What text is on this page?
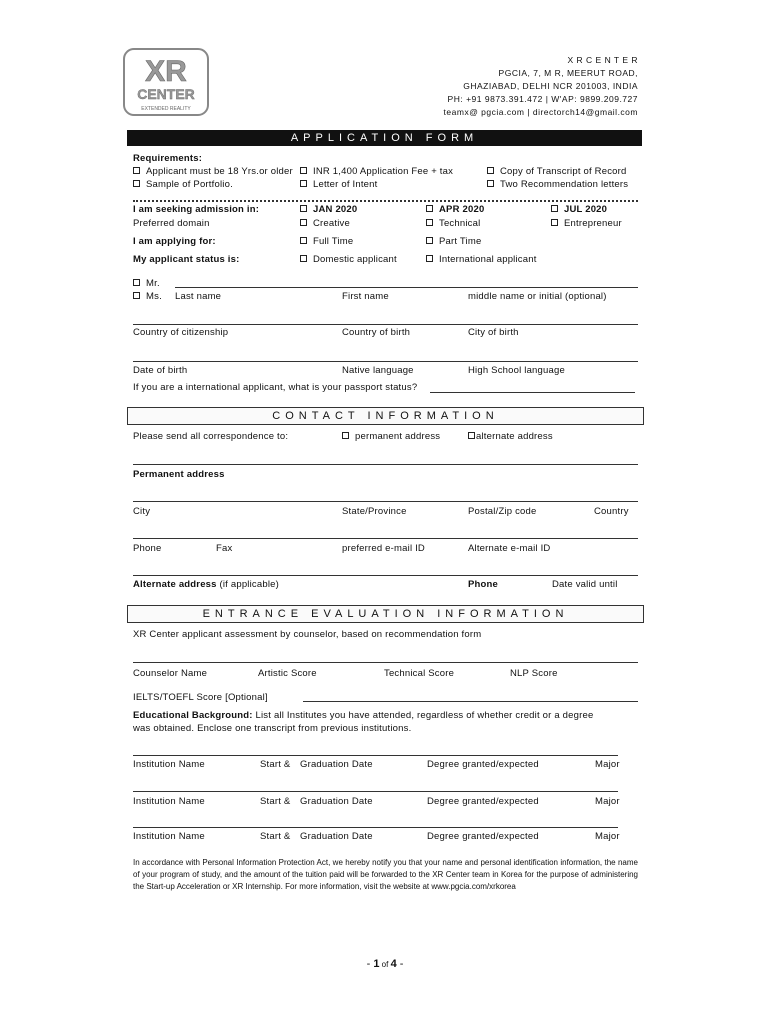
XR
CENTER
EXTENDED REALITY
X R C E N T E R
PGCIA, 7, M R, MEERUT ROAD,
GHAZIABAD, DELHI NCR 201003, INDIA
PH: +91 9873.391.472 | W'AP: 9899.209.727
teamx@ pgcia.com | directorch14@gmail.com
APPLICATION FORM
Requirements:
Applicant must be 18 Yrs.or older	INR 1,400 Application Fee + tax	Copy of Transcript of Record
Sample of Portfolio.	Letter of Intent	Two Recommendation letters
I am seeking admission in:	JAN 2020	APR 2020	JUL 2020
Preferred domain	Creative	Technical	Entrepreneur
I am applying for:	Full Time	Part Time
My applicant status is:	Domestic applicant	International applicant
Mr.
Ms. Last name	First name	middle name or initial (optional)
Country of citizenship	Country of birth	City of birth
Date of birth	Native language	High School language
If you are a international applicant, what is your passport status?
CONTACT INFORMATION
Please send all correspondence to:	permanent address	alternate address
Permanent address
City	State/Province	Postal/Zip code	Country
Phone	Fax	preferred e-mail ID	Alternate e-mail ID
Alternate address (if applicable)	Phone	Date valid until
ENTRANCE EVALUATION INFORMATION
XR Center applicant assessment by counselor, based on recommendation form
Counselor Name	Artistic Score	Technical Score	NLP Score
IELTS/TOEFL Score [Optional]
Educational Background: List all Institutes you have attended, regardless of whether credit or a degree
was obtained. Enclose one transcript from previous institutions.
Institution Name	Start & Graduation Date	Degree granted/expected	Major
Institution Name	Start & Graduation Date	Degree granted/expected	Major
Institution Name	Start & Graduation Date	Degree granted/expected	Major
In accordance with Personal Information Protection Act, we hereby notify you that your name and personal identification information, the name of your program of study, and the amount of the tuition paid will be forwarded to the XR Center team in Korea for the purpose of administering the Start-up Acceleration or XR Internship. For more information, visit the website at www.pgcia.com/xrkorea
- 1 of 4 -
